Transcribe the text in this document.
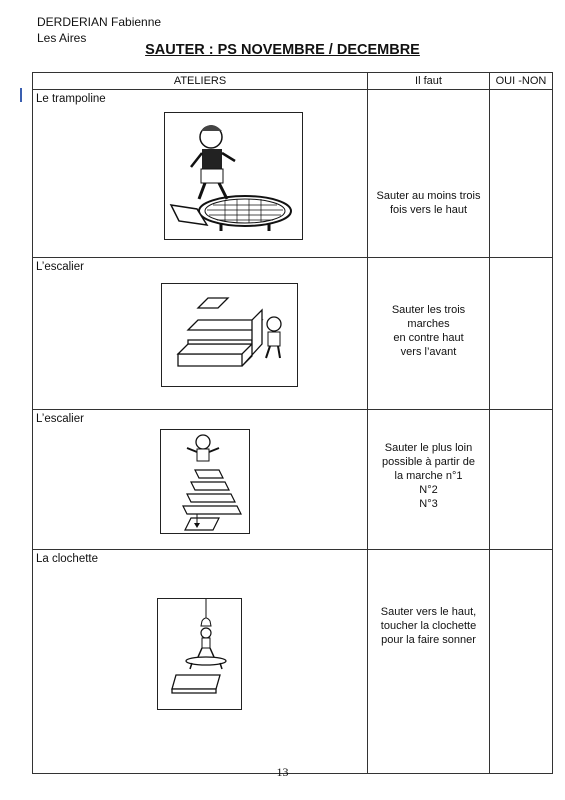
DERDERIAN Fabienne
Les Aires
SAUTER : PS NOVEMBRE / DECEMBRE
ATELIERS	Il faut	OUI -NON

Le trampoline	Sauter au moins trois
fois vers le haut	

L’escalier	Sauter les trois
marches
en contre haut
vers l’avant	

L’escalier	Sauter le plus loin
possible à partir de
la marche n°1
N°2
N°3	

La clochette	Sauter vers le haut,
toucher la clochette
pour la faire sonner	

13
